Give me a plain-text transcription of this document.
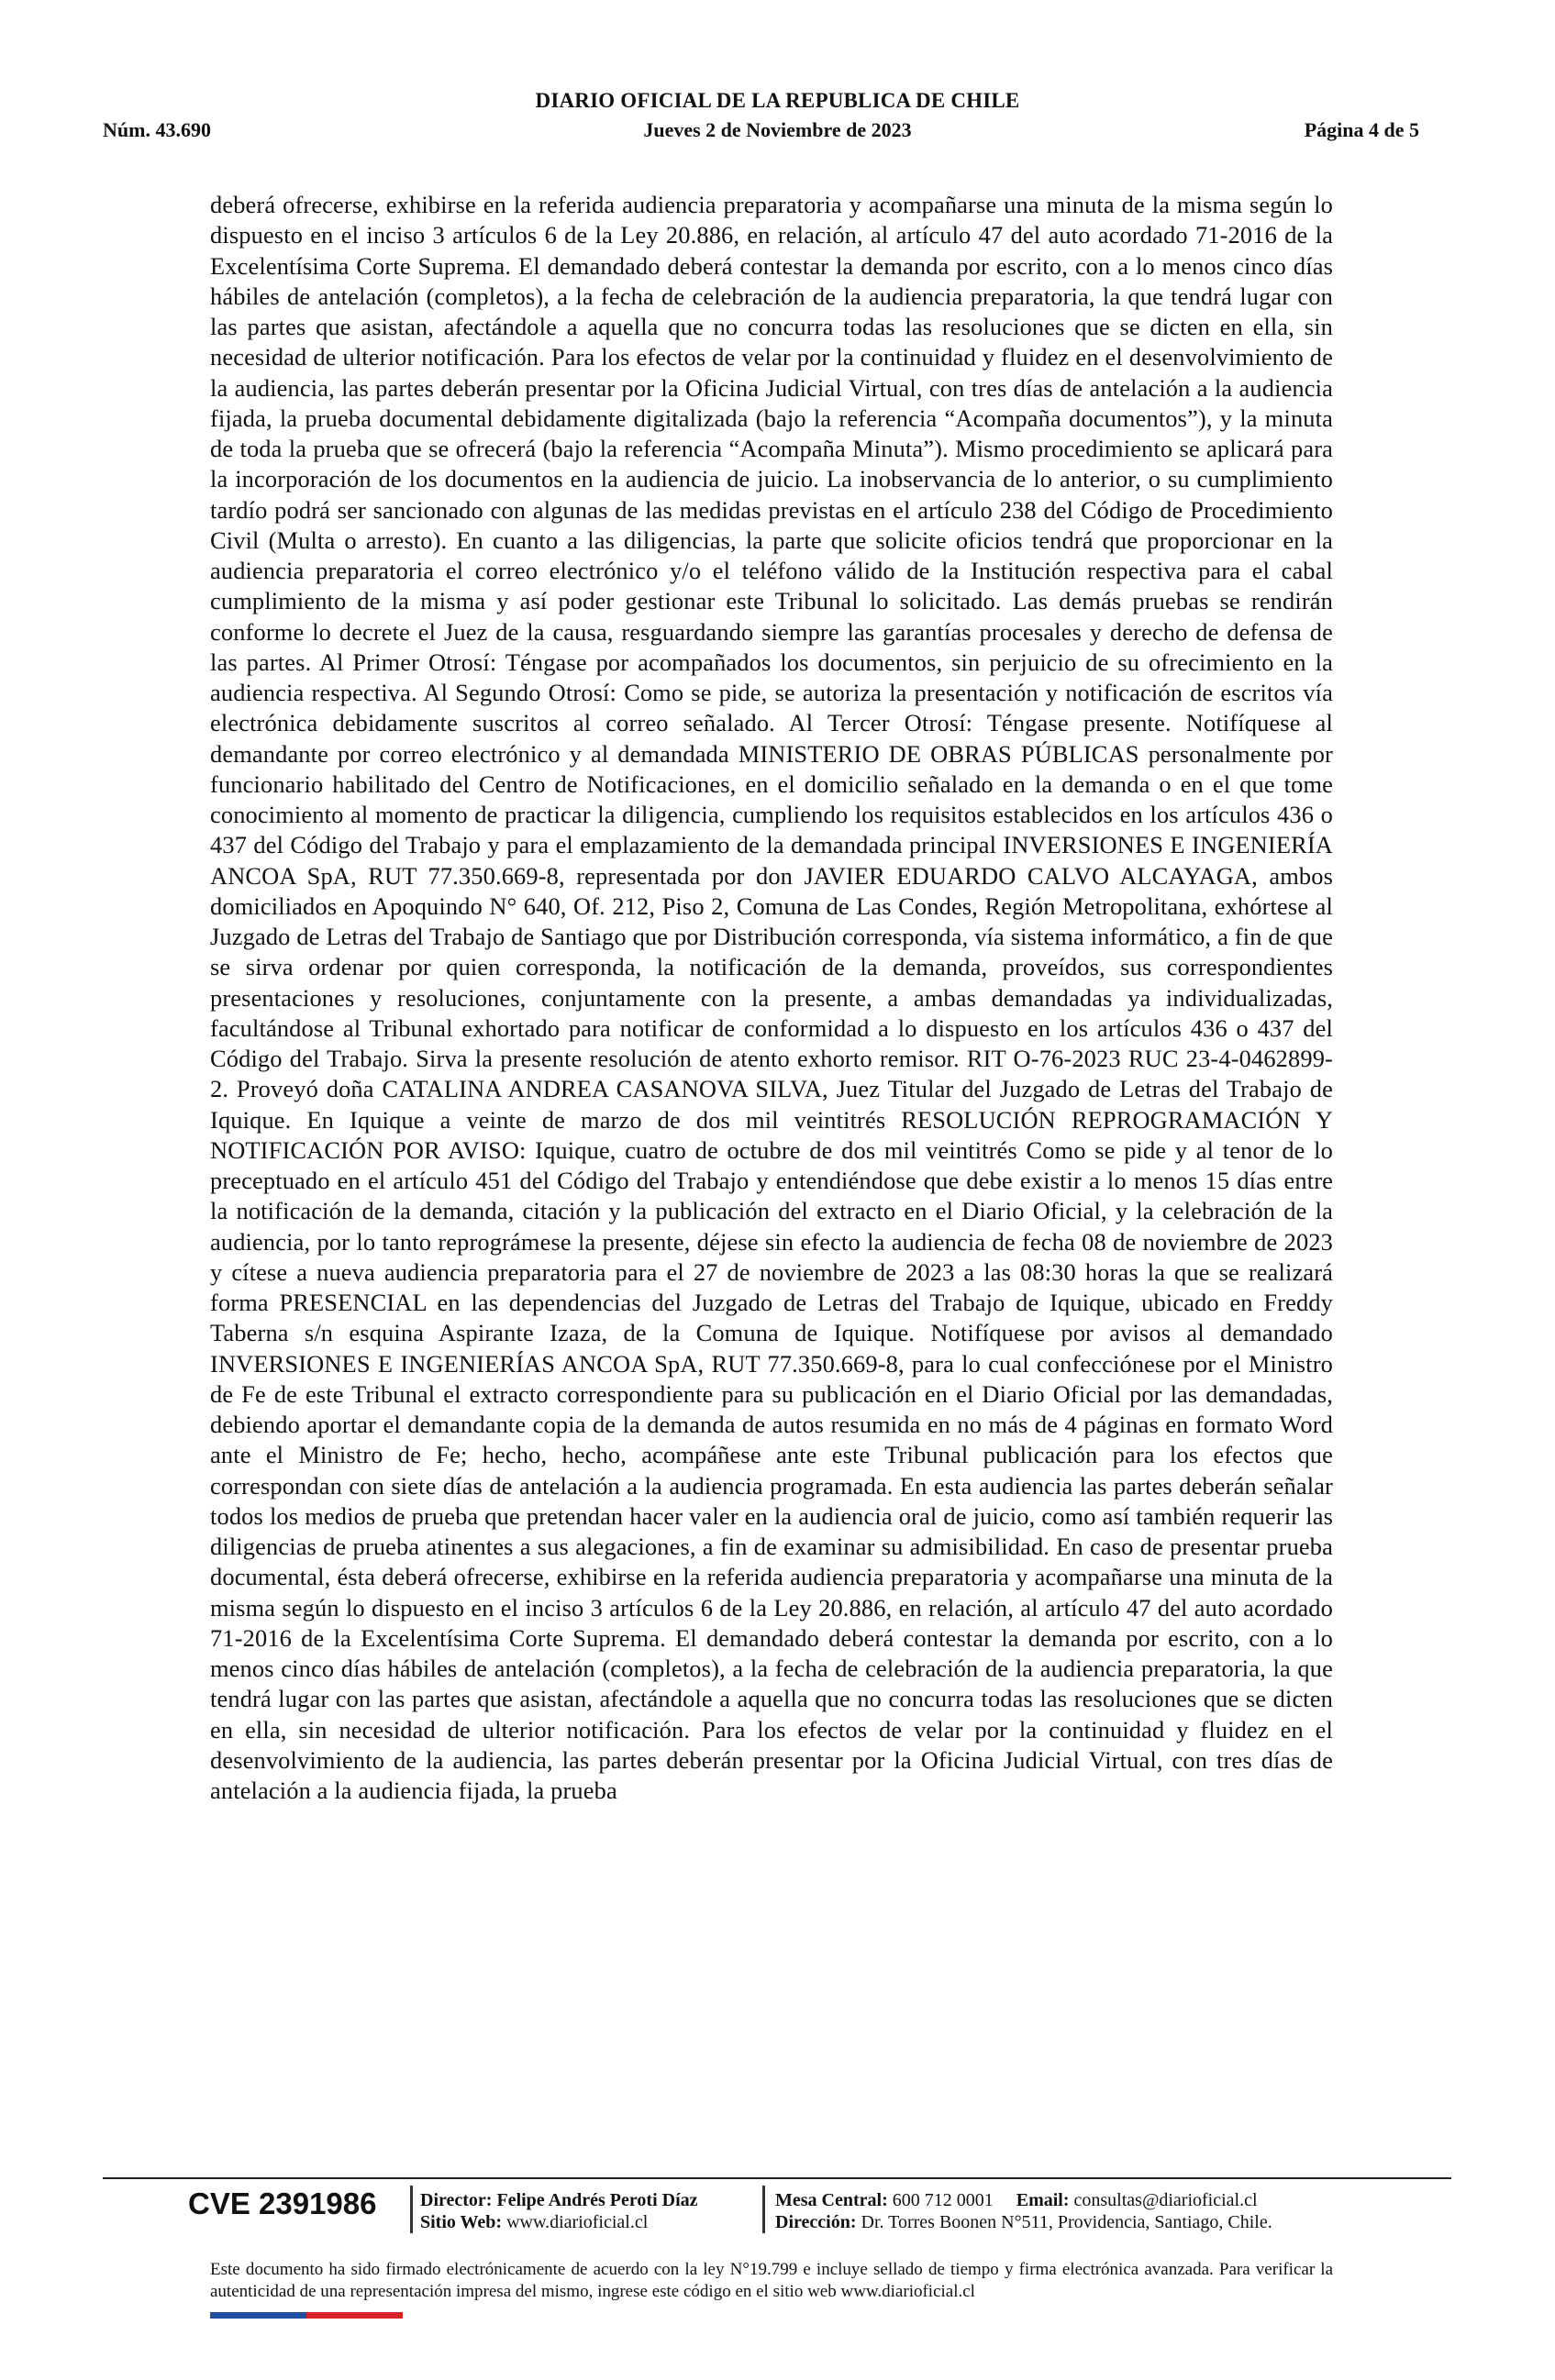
DIARIO OFICIAL DE LA REPUBLICA DE CHILE
Núm. 43.690	Jueves 2 de Noviembre de 2023	Página 4 de 5

deberá ofrecerse, exhibirse en la referida audiencia preparatoria y acompañarse una minuta de la misma según lo dispuesto en el inciso 3 artículos 6 de la Ley 20.886, en relación, al artículo 47 del auto acordado 71-2016 de la Excelentísima Corte Suprema. El demandado deberá contestar la demanda por escrito, con a lo menos cinco días hábiles de antelación (completos), a la fecha de celebración de la audiencia preparatoria, la que tendrá lugar con las partes que asistan, afectándole a aquella que no concurra todas las resoluciones que se dicten en ella, sin necesidad de ulterior notificación. Para los efectos de velar por la continuidad y fluidez en el desenvolvimiento de la audiencia, las partes deberán presentar por la Oficina Judicial Virtual, con tres días de antelación a la audiencia fijada, la prueba documental debidamente digitalizada (bajo la referencia “Acompaña documentos”), y la minuta de toda la prueba que se ofrecerá (bajo la referencia “Acompaña Minuta”). Mismo procedimiento se aplicará para la incorporación de los documentos en la audiencia de juicio. La inobservancia de lo anterior, o su cumplimiento tardío podrá ser sancionado con algunas de las medidas previstas en el artículo 238 del Código de Procedimiento Civil (Multa o arresto). En cuanto a las diligencias, la parte que solicite oficios tendrá que proporcionar en la audiencia preparatoria el correo electrónico y/o el teléfono válido de la Institución respectiva para el cabal cumplimiento de la misma y así poder gestionar este Tribunal lo solicitado. Las demás pruebas se rendirán conforme lo decrete el Juez de la causa, resguardando siempre las garantías procesales y derecho de defensa de las partes. Al Primer Otrosí: Téngase por acompañados los documentos, sin perjuicio de su ofrecimiento en la audiencia respectiva. Al Segundo Otrosí: Como se pide, se autoriza la presentación y notificación de escritos vía electrónica debidamente suscritos al correo señalado. Al Tercer Otrosí: Téngase presente. Notifíquese al demandante por correo electrónico y al demandada MINISTERIO DE OBRAS PÚBLICAS personalmente por funcionario habilitado del Centro de Notificaciones, en el domicilio señalado en la demanda o en el que tome conocimiento al momento de practicar la diligencia, cumpliendo los requisitos establecidos en los artículos 436 o 437 del Código del Trabajo y para el emplazamiento de la demandada principal INVERSIONES E INGENIERÍA ANCOA SpA, RUT 77.350.669-8, representada por don JAVIER EDUARDO CALVO ALCAYAGA, ambos domiciliados en Apoquindo N° 640, Of. 212, Piso 2, Comuna de Las Condes, Región Metropolitana, exhórtese al Juzgado de Letras del Trabajo de Santiago que por Distribución corresponda, vía sistema informático, a fin de que se sirva ordenar por quien corresponda, la notificación de la demanda, proveídos, sus correspondientes presentaciones y resoluciones, conjuntamente con la presente, a ambas demandadas ya individualizadas, facultándose al Tribunal exhortado para notificar de conformidad a lo dispuesto en los artículos 436 o 437 del Código del Trabajo. Sirva la presente resolución de atento exhorto remisor. RIT O-76-2023 RUC 23-4-0462899-2. Proveyó doña CATALINA ANDREA CASANOVA SILVA, Juez Titular del Juzgado de Letras del Trabajo de Iquique. En Iquique a veinte de marzo de dos mil veintitrés RESOLUCIÓN REPROGRAMACIÓN Y NOTIFICACIÓN POR AVISO: Iquique, cuatro de octubre de dos mil veintitrés Como se pide y al tenor de lo preceptuado en el artículo 451 del Código del Trabajo y entendiéndose que debe existir a lo menos 15 días entre la notificación de la demanda, citación y la publicación del extracto en el Diario Oficial, y la celebración de la audiencia, por lo tanto reprográmese la presente, déjese sin efecto la audiencia de fecha 08 de noviembre de 2023 y cítese a nueva audiencia preparatoria para el 27 de noviembre de 2023 a las 08:30 horas la que se realizará forma PRESENCIAL en las dependencias del Juzgado de Letras del Trabajo de Iquique, ubicado en Freddy Taberna s/n esquina Aspirante Izaza, de la Comuna de Iquique. Notifíquese por avisos al demandado INVERSIONES E INGENIERÍAS ANCOA SpA, RUT 77.350.669-8, para lo cual confecciónese por el Ministro de Fe de este Tribunal el extracto correspondiente para su publicación en el Diario Oficial por las demandadas, debiendo aportar el demandante copia de la demanda de autos resumida en no más de 4 páginas en formato Word ante el Ministro de Fe; hecho, hecho, acompáñese ante este Tribunal publicación para los efectos que correspondan con siete días de antelación a la audiencia programada. En esta audiencia las partes deberán señalar todos los medios de prueba que pretendan hacer valer en la audiencia oral de juicio, como así también requerir las diligencias de prueba atinentes a sus alegaciones, a fin de examinar su admisibilidad. En caso de presentar prueba documental, ésta deberá ofrecerse, exhibirse en la referida audiencia preparatoria y acompañarse una minuta de la misma según lo dispuesto en el inciso 3 artículos 6 de la Ley 20.886, en relación, al artículo 47 del auto acordado 71-2016 de la Excelentísima Corte Suprema. El demandado deberá contestar la demanda por escrito, con a lo menos cinco días hábiles de antelación (completos), a la fecha de celebración de la audiencia preparatoria, la que tendrá lugar con las partes que asistan, afectándole a aquella que no concurra todas las resoluciones que se dicten en ella, sin necesidad de ulterior notificación. Para los efectos de velar por la continuidad y fluidez en el desenvolvimiento de la audiencia, las partes deberán presentar por la Oficina Judicial Virtual, con tres días de antelación a la audiencia fijada, la prueba

CVE 2391986 Director: Felipe Andrés Peroti Díaz
Sitio Web: www.diarioficial.cl
Mesa Central: 600 712 0001 Email: consultas@diarioficial.cl
Dirección: Dr. Torres Boonen N°511, Providencia, Santiago, Chile.

Este documento ha sido firmado electrónicamente de acuerdo con la ley N°19.799 e incluye sellado de tiempo y firma electrónica avanzada. Para verificar la autenticidad de una representación impresa del mismo, ingrese este código en el sitio web www.diarioficial.cl
